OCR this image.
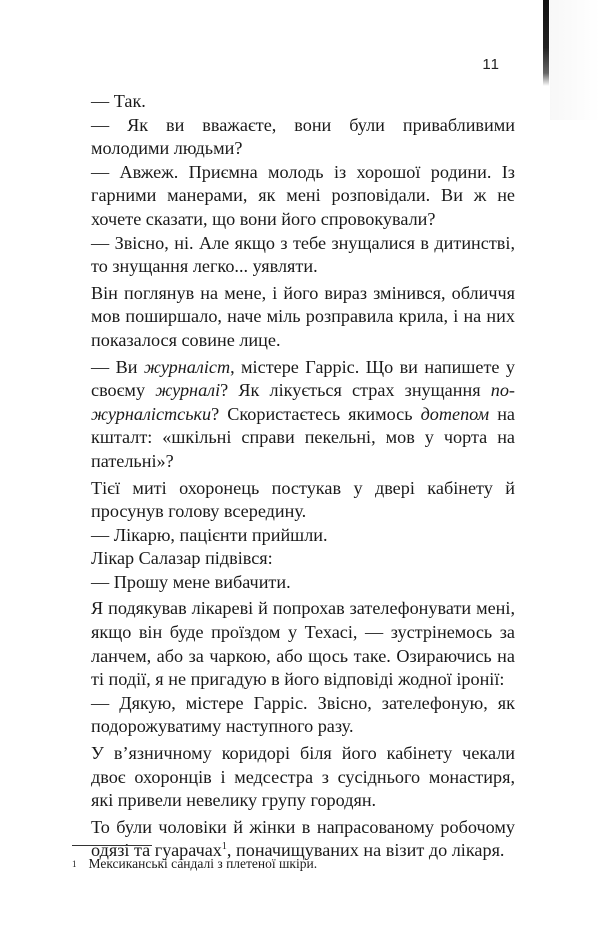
11

— Так.

— Як ви вважаєте, вони були привабливими молодими людьми?

— Авжеж. Приємна молодь із хорошої родини. Із гарними манерами, як мені розповідали. Ви ж не хочете сказати, що вони його спровокували?

— Звісно, ні. Але якщо з тебе знущалися в дитинстві, то знущання легко... уявляти.

Він поглянув на мене, і його вираз змінився, обличчя мов поширшало, наче міль розправила крила, і на них показалося совине лице.

— Ви журналіст, містере Гарріс. Що ви напишете у своєму журналі? Як лікується страх знущання по-журналістськи? Скористаєтесь якимось дотепом на кшталт: «шкільні справи пекельні, мов у чорта на пательні»?

Тієї миті охоронець постукав у двері кабінету й просунув голову всередину.

— Лікарю, пацієнти прийшли.

Лікар Салазар підвівся:

— Прошу мене вибачити.

Я подякував лікареві й попрохав зателефонувати мені, якщо він буде проїздом у Техасі, — зустрінемось за ланчем, або за чаркою, або щось таке. Озираючись на ті події, я не пригадую в його відповіді жодної іронії:

— Дякую, містере Гарріс. Звісно, зателефоную, як подорожуватиму наступного разу.

У в’язничному коридорі біля його кабінету чекали двоє охоронців і медсестра з сусіднього монастиря, які привели невелику групу городян.

То були чоловіки й жінки в напрасованому робочому одязі та гуарачах$^1$, поначищуваних на візит до лікаря.

$^1$ Мексиканські сандалі з плетеної шкіри.
